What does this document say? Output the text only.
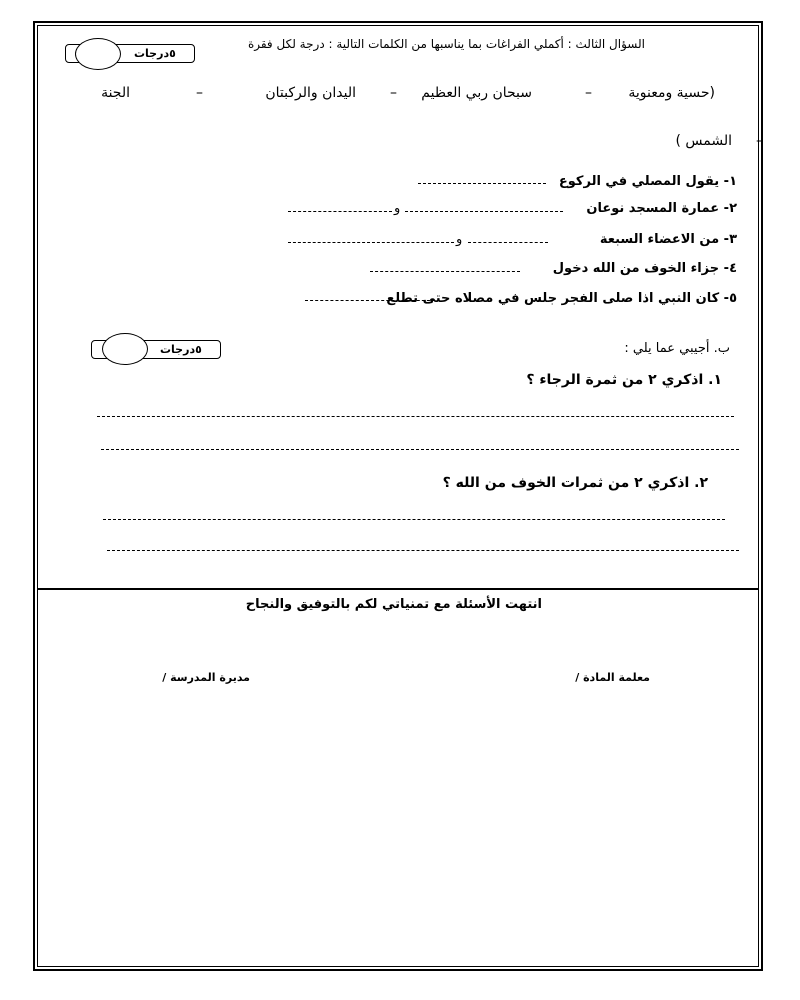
السؤال الثالث : أكملي الفراغات بما يناسبها من الكلمات التالية : درجة لكل فقرة
٥درجات
(حسية ومعنوية
–
سبحان ربي العظيم
–
اليدان والركبتان
–
الجنة
الشمس ) –
١- يقول المصلي في الركوع
٢- عمارة المسجد نوعان
و
٣- من الاعضاء السبعة
و
٤- جزاء الخوف من الله دخول
٥- كان النبي اذا صلى الفجر جلس في مصلاه حتى تطلع
٥درجات	ب. أجيبي عما يلي :
١. اذكري ٢ من ثمرة الرجاء ؟
٢. اذكري ٢ من ثمرات الخوف من الله ؟
انتهت الأسئلة مع تمنياتي لكم بالتوفيق والنجاح
معلمة المادة /
مديرة المدرسة /
